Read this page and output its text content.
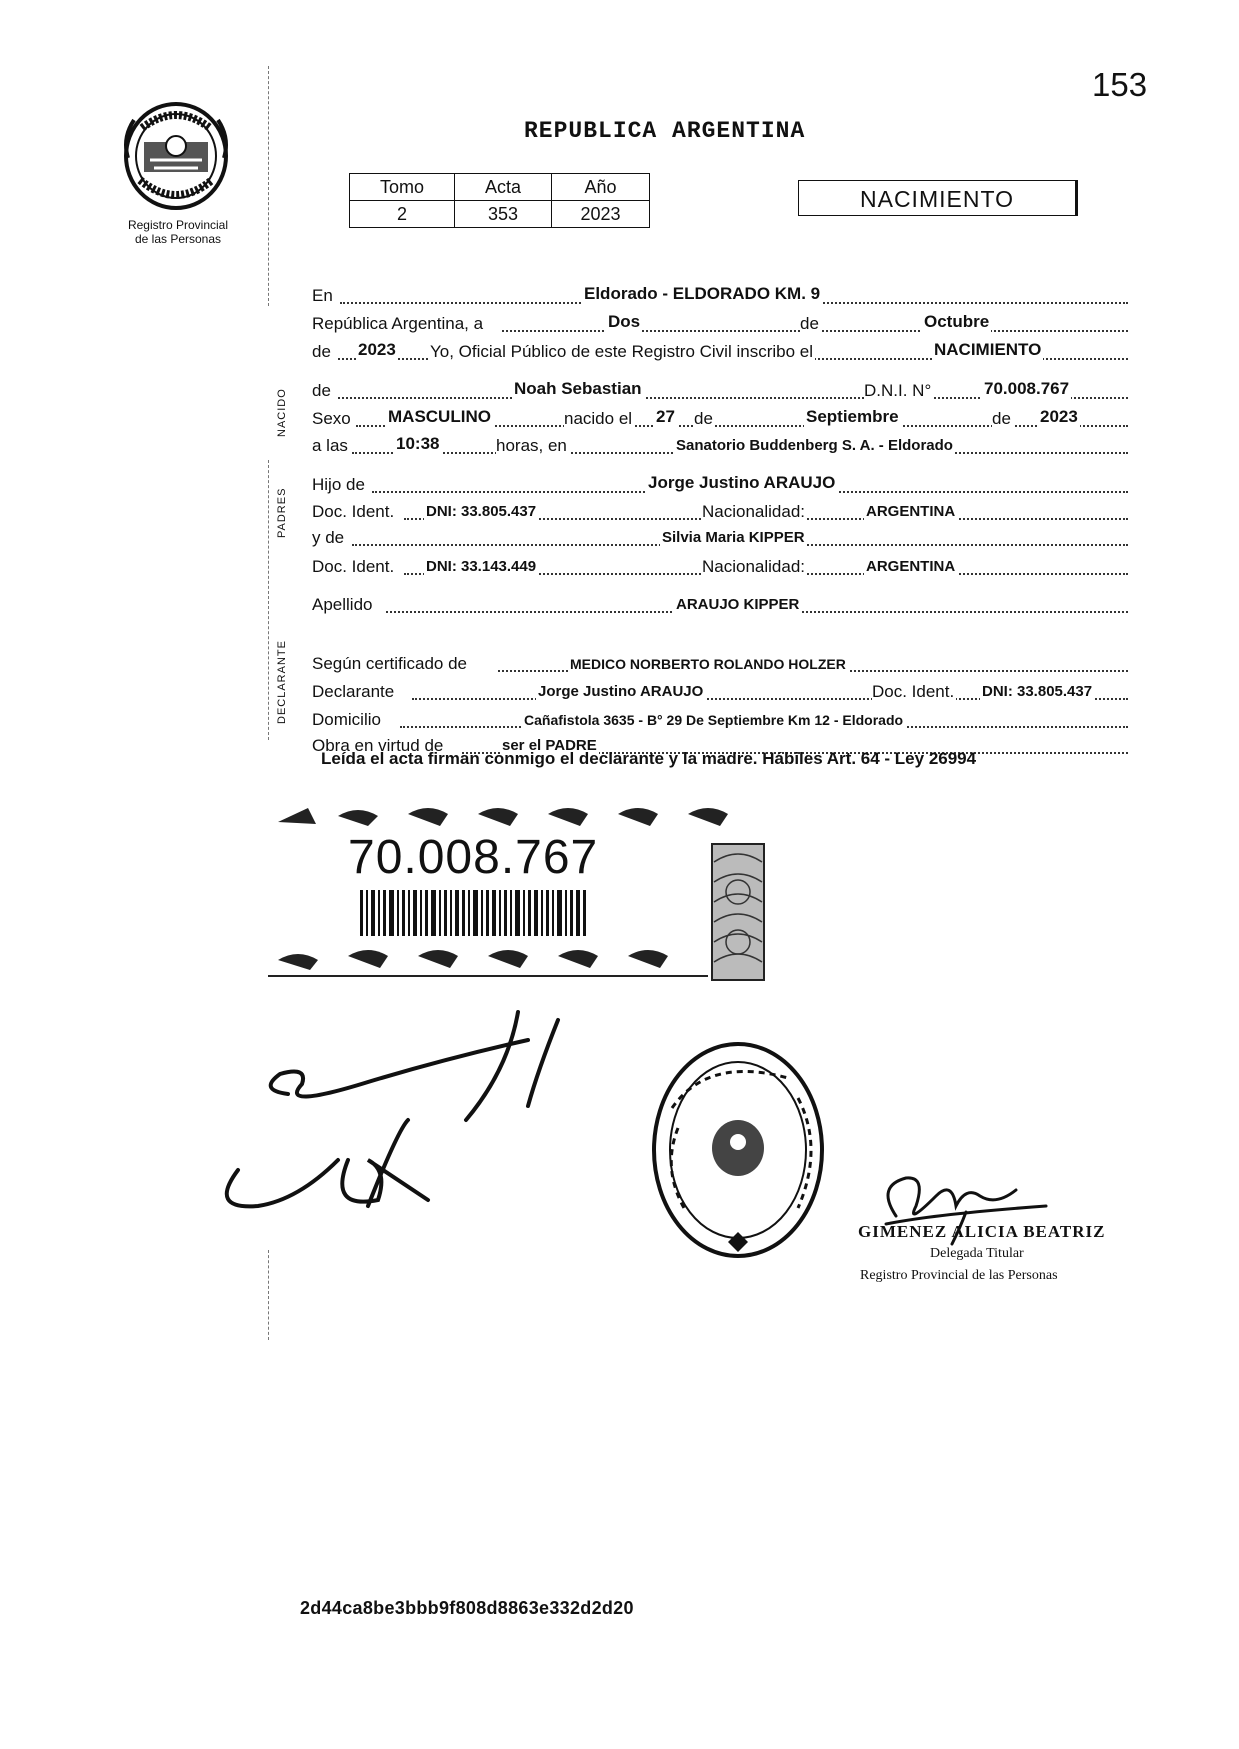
153
Registro Provincial
de las Personas
REPUBLICA ARGENTINA
Tomo	Acta	Año
2	353	2023
NACIMIENTO
NACIDO
PADRES
DECLARANTE
En	Eldorado - ELDORADO KM. 9
República Argentina, a	Dos	de	Octubre
de 2023 Yo, Oficial Público de este Registro Civil inscribo el	NACIMIENTO
de	Noah Sebastian	D.N.I. N°	70.008.767
Sexo MASCULINO	nacido el 27 de	Septiembre	de 2023
a las	10:38	horas, en	Sanatorio Buddenberg S. A. - Eldorado
Hijo de	Jorge Justino ARAUJO
Doc. Ident. DNI: 33.805.437	Nacionalidad:	ARGENTINA
y de	Silvia Maria KIPPER
Doc. Ident. DNI: 33.143.449	Nacionalidad:	ARGENTINA
Apellido	ARAUJO KIPPER
Según certificado de	MEDICO NORBERTO ROLANDO HOLZER
Declarante	Jorge Justino ARAUJO	Doc. Ident. DNI: 33.805.437
Domicilio	Cañafistola 3635 - B° 29 De Septiembre Km 12 - Eldorado
Obra en virtud de	ser el PADRE
Leída el acta firman conmigo el declarante y la madre. Hábiles Art. 64 - Ley 26994
70.008.767
GIMENEZ ALICIA BEATRIZ
Delegada Titular
Registro Provincial de las Personas
2d44ca8be3bbb9f808d8863e332d2d20
